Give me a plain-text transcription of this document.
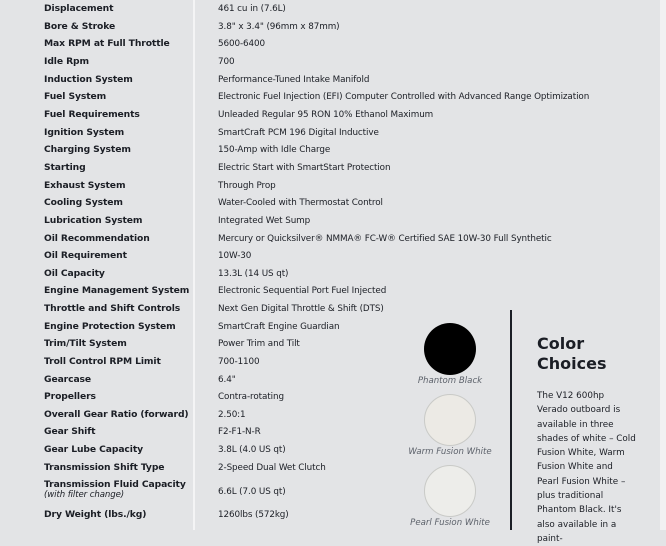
Displacement	461 cu in (7.6L)
Bore & Stroke	3.8" x 3.4" (96mm x 87mm)
Max RPM at Full Throttle	5600-6400
Idle Rpm	700
Induction System	Performance-Tuned Intake Manifold
Fuel System	Electronic Fuel Injection (EFI) Computer Controlled with Advanced Range Optimization
Fuel Requirements	Unleaded Regular 95 RON 10% Ethanol Maximum
Ignition System	SmartCraft PCM 196 Digital Inductive
Charging System	150-Amp with Idle Charge
Starting	Electric Start with SmartStart Protection
Exhaust System	Through Prop
Cooling System	Water-Cooled with Thermostat Control
Lubrication System	Integrated Wet Sump
Oil Recommendation	Mercury or Quicksilver® NMMA® FC-W® Certified SAE 10W-30 Full Synthetic
Oil Requirement	10W-30
Oil Capacity	13.3L (14 US qt)
Engine Management System	Electronic Sequential Port Fuel Injected
Throttle and Shift Controls	Next Gen Digital Throttle & Shift (DTS)
Engine Protection System	SmartCraft Engine Guardian
Trim/Tilt System	Power Trim and Tilt
Troll Control RPM Limit	700-1100
Gearcase	6.4"
Propellers	Contra-rotating
Overall Gear Ratio (forward)	2.50:1
Gear Shift	F2-F1-N-R
Gear Lube Capacity	3.8L (4.0 US qt)
Transmission Shift Type	2-Speed Dual Wet Clutch
Transmission Fluid Capacity
(with filter change)	6.6L (7.0 US qt)
Dry Weight (lbs./kg)	1260lbs (572kg)
Phantom Black
Warm Fusion White
Pearl Fusion White
Color Choices
The V12 600hp Verado outboard is available in three shades of white – Cold Fusion White, Warm Fusion White and Pearl Fusion White – plus traditional Phantom Black. It's also available in a paint-
